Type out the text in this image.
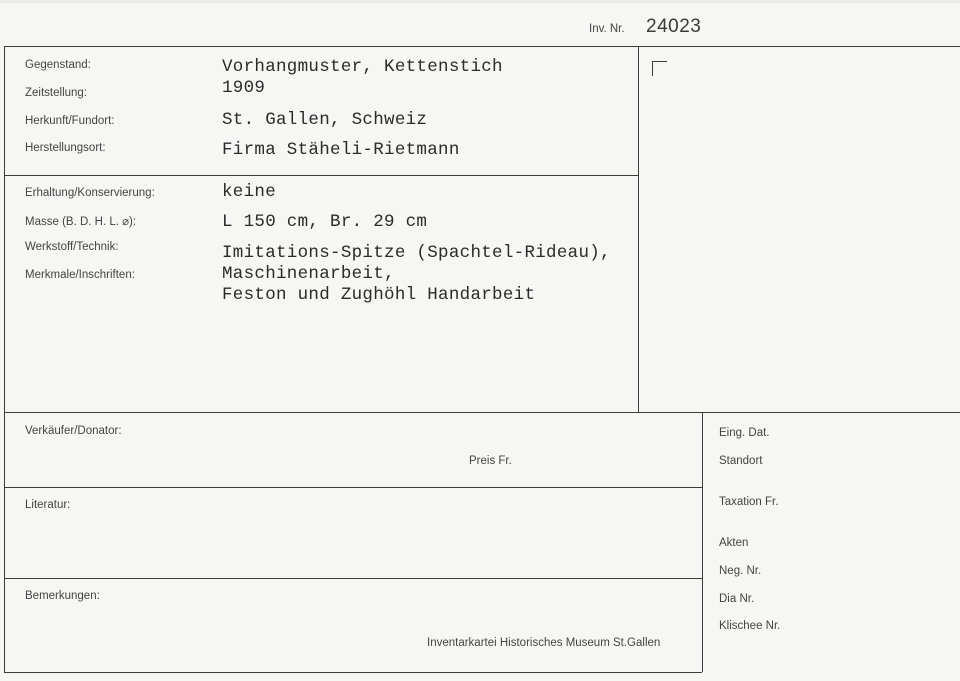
Inv. Nr. 24023
Gegenstand:
Zeitstellung:
Herkunft/Fundort:
Herstellungsort:
Vorhangmuster, Kettenstich
1909
St. Gallen, Schweiz
Firma Stäheli-Rietmann
Erhaltung/Konservierung:
Masse (B. D. H. L. ⌀):
Werkstoff/Technik:
Merkmale/Inschriften:
keine
L 150 cm, Br. 29 cm
Imitations-Spitze (Spachtel-Rideau),
Maschinenarbeit,
Feston und Zughöhl Handarbeit
Verkäufer/Donator:
Preis Fr.
Literatur:
Bemerkungen:
Inventarkartei Historisches Museum St.Gallen
Eing. Dat.
Standort
Taxation Fr.
Akten
Neg. Nr.
Dia Nr.
Klischee Nr.
